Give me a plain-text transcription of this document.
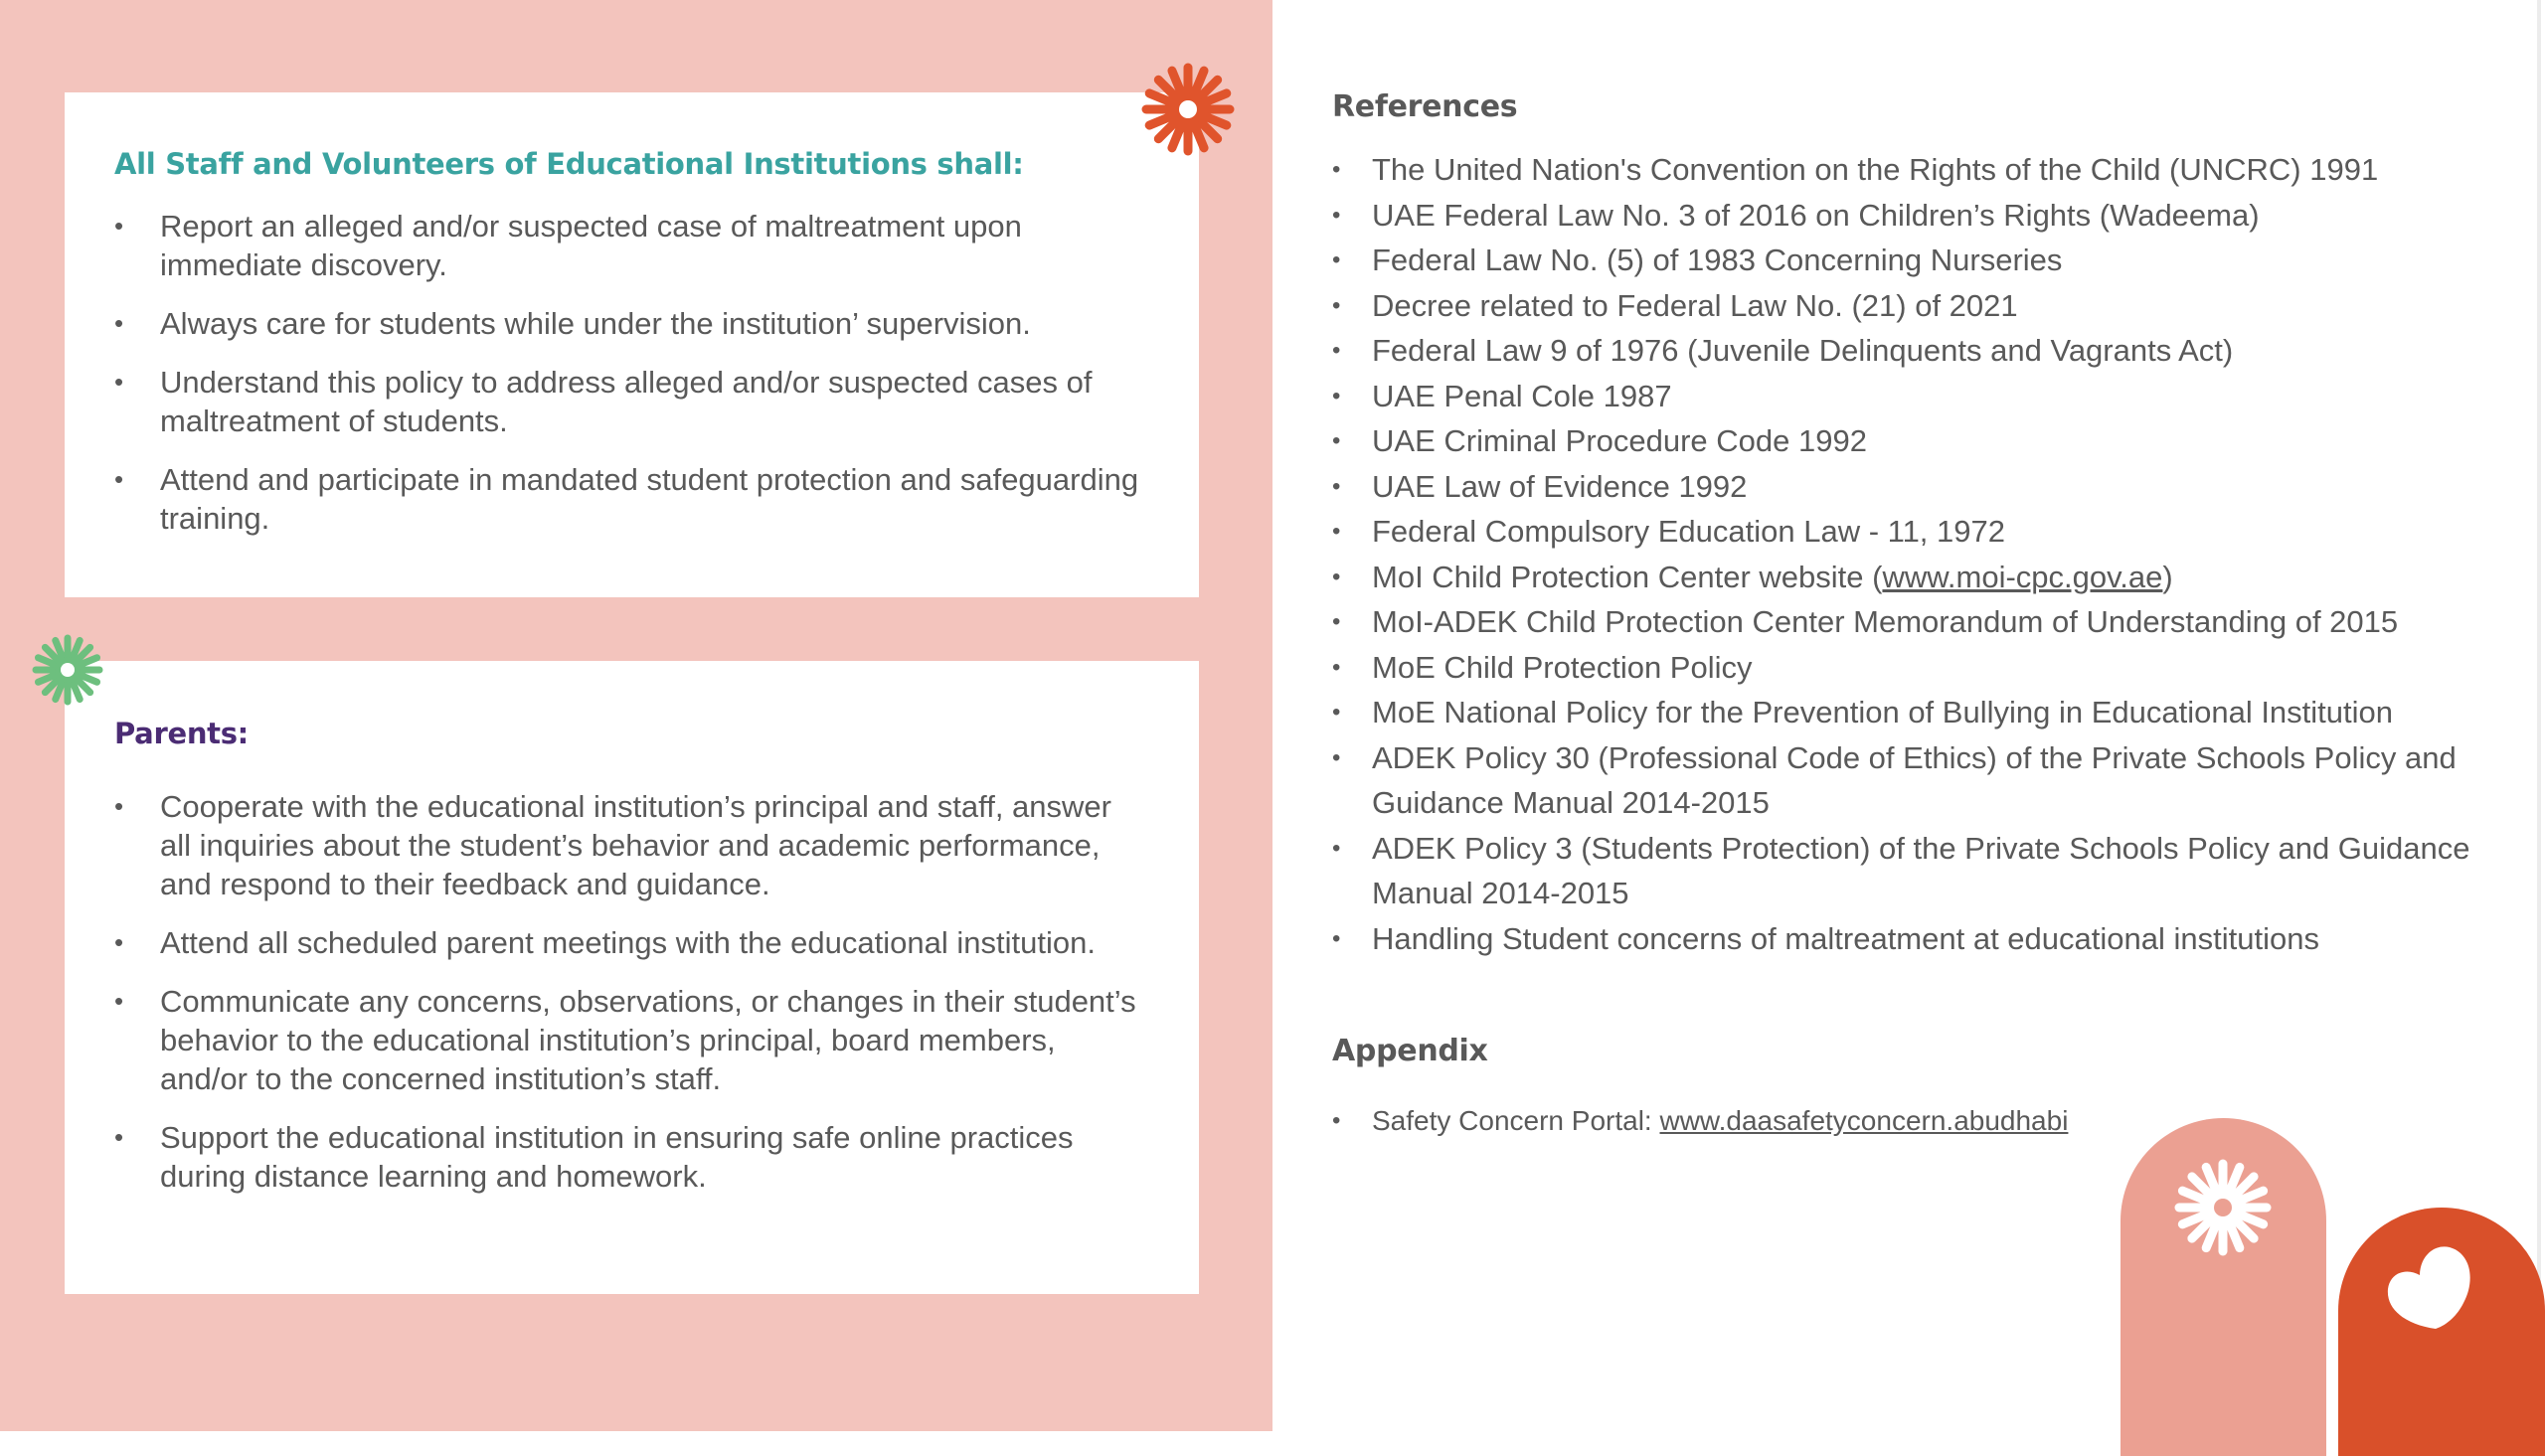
All Staff and Volunteers of Educational Institutions shall:
• Report an alleged and/or suspected case of maltreatment upon immediate discovery.
• Always care for students while under the institution’ supervision.
• Understand this policy to address alleged and/or suspected cases of maltreatment of students.
• Attend and participate in mandated student protection and safeguarding training.
Parents:
• Cooperate with the educational institution’s principal and staff, answer all inquiries about the student’s behavior and academic performance, and respond to their feedback and guidance.
• Attend all scheduled parent meetings with the educational institution.
• Communicate any concerns, observations, or changes in their student’s behavior to the educational institution’s principal, board members, and/or to the concerned institution’s staff.
• Support the educational institution in ensuring safe online practices during distance learning and homework.
References
• The United Nation's Convention on the Rights of the Child (UNCRC) 1991
• UAE Federal Law No. 3 of 2016 on Children’s Rights (Wadeema)
• Federal Law No. (5) of 1983 Concerning Nurseries
• Decree related to Federal Law No. (21) of 2021
• Federal Law 9 of 1976 (Juvenile Delinquents and Vagrants Act)
• UAE Penal Cole 1987
• UAE Criminal Procedure Code 1992
• UAE Law of Evidence 1992
• Federal Compulsory Education Law - 11, 1972
• MoI Child Protection Center website (www.moi-cpc.gov.ae)
• MoI-ADEK Child Protection Center Memorandum of Understanding of 2015
• MoE Child Protection Policy
• MoE National Policy for the Prevention of Bullying in Educational Institution
• ADEK Policy 30 (Professional Code of Ethics) of the Private Schools Policy and Guidance Manual 2014-2015
• ADEK Policy 3 (Students Protection) of the Private Schools Policy and Guidance Manual 2014-2015
• Handling Student concerns of maltreatment at educational institutions
Appendix
• Safety Concern Portal: www.daasafetyconcern.abudhabi
